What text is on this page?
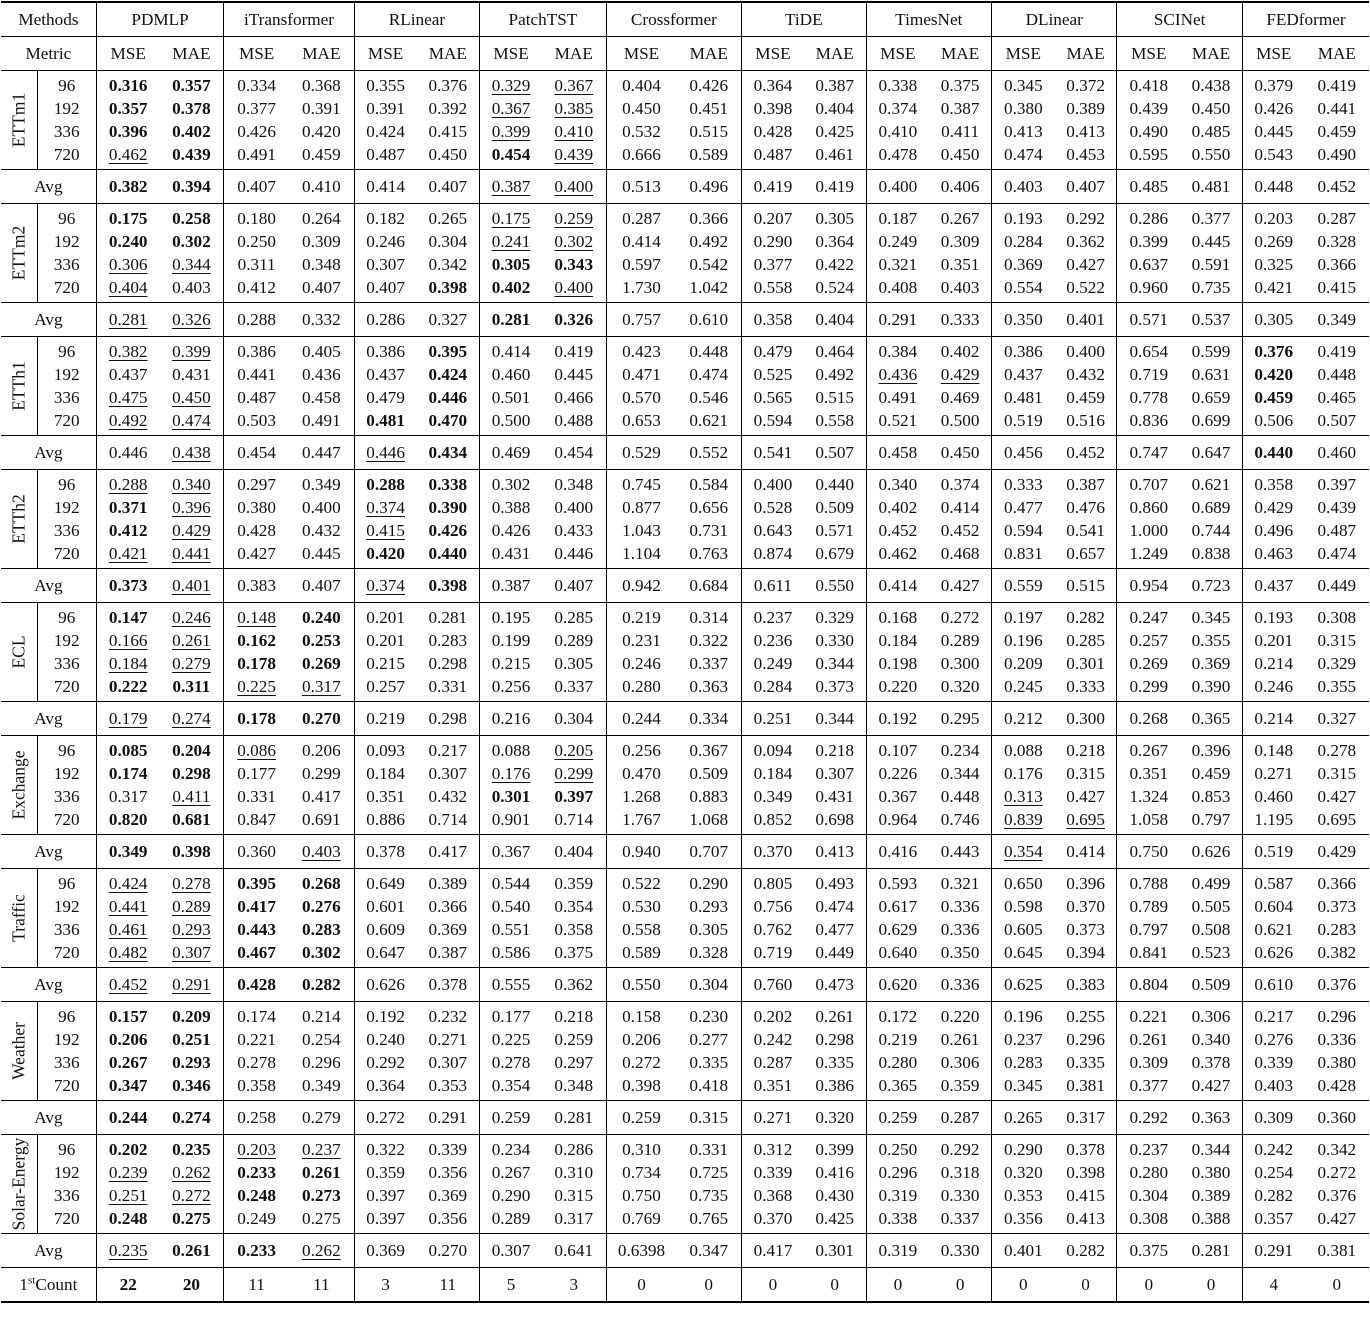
Methods		PDMLP		iTransformer		RLinear		PatchTST		Crossformer		TiDE		TimesNet		DLinear		SCINet		FEDformer	
Metric		MSE	MAE	MSE	MAE	MSE	MAE	MSE	MAE	MSE	MAE	MSE	MAE	MSE	MAE	MSE	MAE	MSE	MAE	MSE	MAE

ETTm1	96	0.316	0.357	0.334	0.368	0.355	0.376	0.329	0.367	0.404	0.426	0.364	0.387	0.338	0.375	0.345	0.372	0.418	0.438	0.379	0.419
	192	0.357	0.378	0.377	0.391	0.391	0.392	0.367	0.385	0.450	0.451	0.398	0.404	0.374	0.387	0.380	0.389	0.439	0.450	0.426	0.441
	336	0.396	0.402	0.426	0.420	0.424	0.415	0.399	0.410	0.532	0.515	0.428	0.425	0.410	0.411	0.413	0.413	0.490	0.485	0.445	0.459
	720	0.462	0.439	0.491	0.459	0.487	0.450	0.454	0.439	0.666	0.589	0.487	0.461	0.478	0.450	0.474	0.453	0.595	0.550	0.543	0.490
Avg		0.382	0.394	0.407	0.410	0.414	0.407	0.387	0.400	0.513	0.496	0.419	0.419	0.400	0.406	0.403	0.407	0.485	0.481	0.448	0.452

ETTm2	96	0.175	0.258	0.180	0.264	0.182	0.265	0.175	0.259	0.287	0.366	0.207	0.305	0.187	0.267	0.193	0.292	0.286	0.377	0.203	0.287
	192	0.240	0.302	0.250	0.309	0.246	0.304	0.241	0.302	0.414	0.492	0.290	0.364	0.249	0.309	0.284	0.362	0.399	0.445	0.269	0.328
	336	0.306	0.344	0.311	0.348	0.307	0.342	0.305	0.343	0.597	0.542	0.377	0.422	0.321	0.351	0.369	0.427	0.637	0.591	0.325	0.366
	720	0.404	0.403	0.412	0.407	0.407	0.398	0.402	0.400	1.730	1.042	0.558	0.524	0.408	0.403	0.554	0.522	0.960	0.735	0.421	0.415
Avg		0.281	0.326	0.288	0.332	0.286	0.327	0.281	0.326	0.757	0.610	0.358	0.404	0.291	0.333	0.350	0.401	0.571	0.537	0.305	0.349

ETTh1	96	0.382	0.399	0.386	0.405	0.386	0.395	0.414	0.419	0.423	0.448	0.479	0.464	0.384	0.402	0.386	0.400	0.654	0.599	0.376	0.419
	192	0.437	0.431	0.441	0.436	0.437	0.424	0.460	0.445	0.471	0.474	0.525	0.492	0.436	0.429	0.437	0.432	0.719	0.631	0.420	0.448
	336	0.475	0.450	0.487	0.458	0.479	0.446	0.501	0.466	0.570	0.546	0.565	0.515	0.491	0.469	0.481	0.459	0.778	0.659	0.459	0.465
	720	0.492	0.474	0.503	0.491	0.481	0.470	0.500	0.488	0.653	0.621	0.594	0.558	0.521	0.500	0.519	0.516	0.836	0.699	0.506	0.507
Avg		0.446	0.438	0.454	0.447	0.446	0.434	0.469	0.454	0.529	0.552	0.541	0.507	0.458	0.450	0.456	0.452	0.747	0.647	0.440	0.460

ETTh2	96	0.288	0.340	0.297	0.349	0.288	0.338	0.302	0.348	0.745	0.584	0.400	0.440	0.340	0.374	0.333	0.387	0.707	0.621	0.358	0.397
	192	0.371	0.396	0.380	0.400	0.374	0.390	0.388	0.400	0.877	0.656	0.528	0.509	0.402	0.414	0.477	0.476	0.860	0.689	0.429	0.439
	336	0.412	0.429	0.428	0.432	0.415	0.426	0.426	0.433	1.043	0.731	0.643	0.571	0.452	0.452	0.594	0.541	1.000	0.744	0.496	0.487
	720	0.421	0.441	0.427	0.445	0.420	0.440	0.431	0.446	1.104	0.763	0.874	0.679	0.462	0.468	0.831	0.657	1.249	0.838	0.463	0.474
Avg		0.373	0.401	0.383	0.407	0.374	0.398	0.387	0.407	0.942	0.684	0.611	0.550	0.414	0.427	0.559	0.515	0.954	0.723	0.437	0.449

ECL	96	0.147	0.246	0.148	0.240	0.201	0.281	0.195	0.285	0.219	0.314	0.237	0.329	0.168	0.272	0.197	0.282	0.247	0.345	0.193	0.308
	192	0.166	0.261	0.162	0.253	0.201	0.283	0.199	0.289	0.231	0.322	0.236	0.330	0.184	0.289	0.196	0.285	0.257	0.355	0.201	0.315
	336	0.184	0.279	0.178	0.269	0.215	0.298	0.215	0.305	0.246	0.337	0.249	0.344	0.198	0.300	0.209	0.301	0.269	0.369	0.214	0.329
	720	0.222	0.311	0.225	0.317	0.257	0.331	0.256	0.337	0.280	0.363	0.284	0.373	0.220	0.320	0.245	0.333	0.299	0.390	0.246	0.355
Avg		0.179	0.274	0.178	0.270	0.219	0.298	0.216	0.304	0.244	0.334	0.251	0.344	0.192	0.295	0.212	0.300	0.268	0.365	0.214	0.327

Exchange	96	0.085	0.204	0.086	0.206	0.093	0.217	0.088	0.205	0.256	0.367	0.094	0.218	0.107	0.234	0.088	0.218	0.267	0.396	0.148	0.278
	192	0.174	0.298	0.177	0.299	0.184	0.307	0.176	0.299	0.470	0.509	0.184	0.307	0.226	0.344	0.176	0.315	0.351	0.459	0.271	0.315
	336	0.317	0.411	0.331	0.417	0.351	0.432	0.301	0.397	1.268	0.883	0.349	0.431	0.367	0.448	0.313	0.427	1.324	0.853	0.460	0.427
	720	0.820	0.681	0.847	0.691	0.886	0.714	0.901	0.714	1.767	1.068	0.852	0.698	0.964	0.746	0.839	0.695	1.058	0.797	1.195	0.695
Avg		0.349	0.398	0.360	0.403	0.378	0.417	0.367	0.404	0.940	0.707	0.370	0.413	0.416	0.443	0.354	0.414	0.750	0.626	0.519	0.429

Traffic	96	0.424	0.278	0.395	0.268	0.649	0.389	0.544	0.359	0.522	0.290	0.805	0.493	0.593	0.321	0.650	0.396	0.788	0.499	0.587	0.366
	192	0.441	0.289	0.417	0.276	0.601	0.366	0.540	0.354	0.530	0.293	0.756	0.474	0.617	0.336	0.598	0.370	0.789	0.505	0.604	0.373
	336	0.461	0.293	0.443	0.283	0.609	0.369	0.551	0.358	0.558	0.305	0.762	0.477	0.629	0.336	0.605	0.373	0.797	0.508	0.621	0.283
	720	0.482	0.307	0.467	0.302	0.647	0.387	0.586	0.375	0.589	0.328	0.719	0.449	0.640	0.350	0.645	0.394	0.841	0.523	0.626	0.382
Avg		0.452	0.291	0.428	0.282	0.626	0.378	0.555	0.362	0.550	0.304	0.760	0.473	0.620	0.336	0.625	0.383	0.804	0.509	0.610	0.376

Weather	96	0.157	0.209	0.174	0.214	0.192	0.232	0.177	0.218	0.158	0.230	0.202	0.261	0.172	0.220	0.196	0.255	0.221	0.306	0.217	0.296
	192	0.206	0.251	0.221	0.254	0.240	0.271	0.225	0.259	0.206	0.277	0.242	0.298	0.219	0.261	0.237	0.296	0.261	0.340	0.276	0.336
	336	0.267	0.293	0.278	0.296	0.292	0.307	0.278	0.297	0.272	0.335	0.287	0.335	0.280	0.306	0.283	0.335	0.309	0.378	0.339	0.380
	720	0.347	0.346	0.358	0.349	0.364	0.353	0.354	0.348	0.398	0.418	0.351	0.386	0.365	0.359	0.345	0.381	0.377	0.427	0.403	0.428
Avg		0.244	0.274	0.258	0.279	0.272	0.291	0.259	0.281	0.259	0.315	0.271	0.320	0.259	0.287	0.265	0.317	0.292	0.363	0.309	0.360

Solar-Energy	96	0.202	0.235	0.203	0.237	0.322	0.339	0.234	0.286	0.310	0.331	0.312	0.399	0.250	0.292	0.290	0.378	0.237	0.344	0.242	0.342
	192	0.239	0.262	0.233	0.261	0.359	0.356	0.267	0.310	0.734	0.725	0.339	0.416	0.296	0.318	0.320	0.398	0.280	0.380	0.254	0.272
	336	0.251	0.272	0.248	0.273	0.397	0.369	0.290	0.315	0.750	0.735	0.368	0.430	0.319	0.330	0.353	0.415	0.304	0.389	0.282	0.376
	720	0.248	0.275	0.249	0.275	0.397	0.356	0.289	0.317	0.769	0.765	0.370	0.425	0.338	0.337	0.356	0.413	0.308	0.388	0.357	0.427
Avg		0.235	0.261	0.233	0.262	0.369	0.270	0.307	0.641	0.6398	0.347	0.417	0.301	0.319	0.330	0.401	0.282	0.375	0.281	0.291	0.381
1stCount		22	20	11	11	3	11	5	3	0	0	0	0	0	0	0	0	0	0	4	0
